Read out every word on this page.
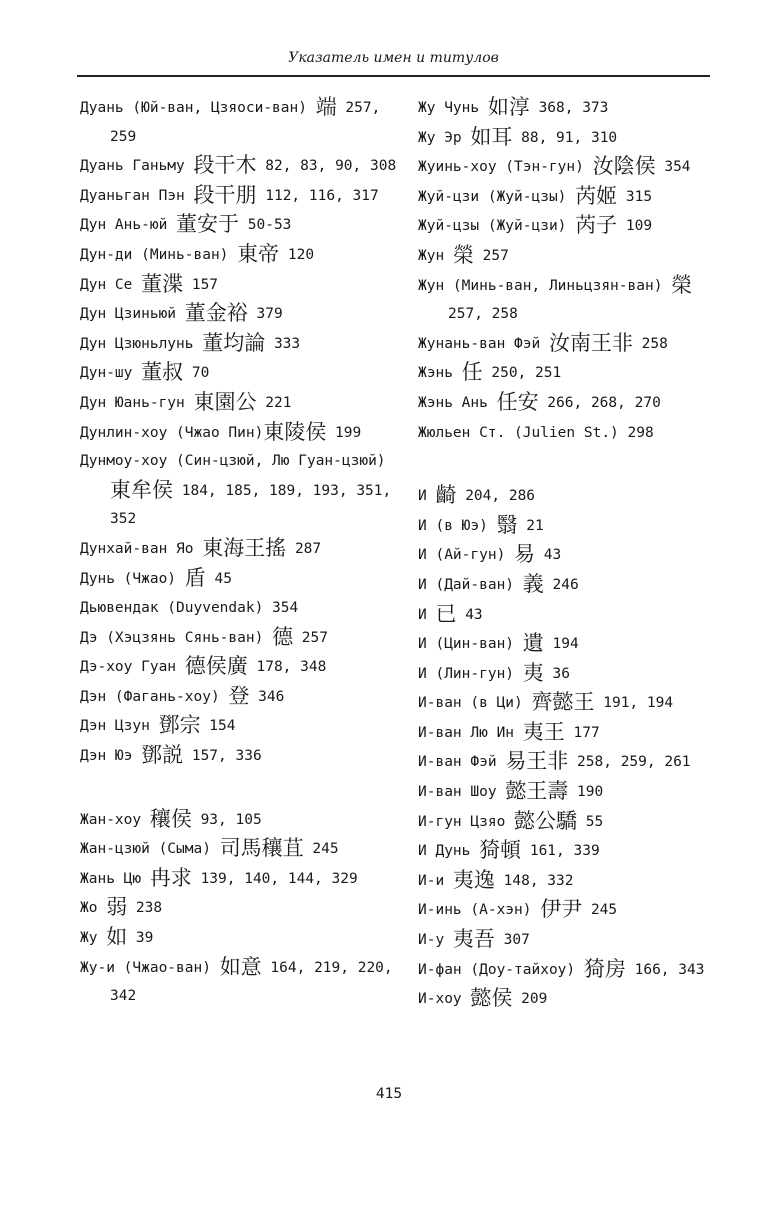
Указатель имен и титулов

Дуань (Юй-ван, Цзяоси-ван) 端 257, 259

Дуань Ганьму 段干木 82, 83, 90, 308

Дуаньган Пэн 段干朋 112, 116, 317

Дун Ань-юй 董安于 50-53

Дун-ди (Минь-ван) 東帝 120

Дун Се 董渫 157

Дун Цзиньюй 董金裕 379

Дун Цзюньлунь 董均論 333

Дун-шу 董叔 70

Дун Юань-гун 東園公 221

Дунлин-хоу (Чжао Пин)東陵侯 199

Дунмоу-хоу (Син-цзюй, Лю Гуан-цзюй) 東牟侯 184, 185, 189, 193, 351, 352

Дунхай-ван Яо 東海王搖 287

Дунь (Чжао) 盾 45

Дьювендак (Duyvendak) 354

Дэ (Хэцзянь Сянь-ван) 德 257

Дэ-хоу Гуан 德侯廣 178, 348

Дэн (Фагань-хоу) 登 346

Дэн Цзун 鄧宗 154

Дэн Юэ 鄧説 157, 336

Жан-хоу 穰侯 93, 105

Жан-цзюй (Сыма) 司馬穰苴 245

Жань Цю 冉求 139, 140, 144, 329

Жо 弱 238

Жу 如 39

Жу-и (Чжао-ван) 如意 164, 219, 220, 342

Жу Чунь 如淳 368, 373

Жу Эр 如耳 88, 91, 310

Жуинь-хоу (Тэн-гун) 汝陰侯 354

Жуй-цзи (Жуй-цзы) 芮姬 315

Жуй-цзы (Жуй-цзи) 芮子 109

Жун 榮 257

Жун (Минь-ван, Линьцзян-ван) 榮 257, 258

Жунань-ван Фэй 汝南王非 258

Жэнь 任 250, 251

Жэнь Ань 任安 266, 268, 270

Жюльен Ст. (Julien St.) 298

И 齮 204, 286

И (в Юэ) 翳 21

И (Ай-гун) 易 43

И (Дай-ван) 義 246

И 已 43

И (Цин-ван) 遺 194

И (Лин-гун) 夷 36

И-ван (в Ци) 齊懿王 191, 194

И-ван Лю Ин 夷王 177

И-ван Фэй 易王非 258, 259, 261

И-ван Шоу 懿王壽 190

И-гун Цзяо 懿公驕 55

И Дунь 猗頓 161, 339

И-и 夷逸 148, 332

И-инь (А-хэн) 伊尹 245

И-у 夷吾 307

И-фан (Доу-тайхоу) 猗房 166, 343

И-хоу 懿侯 209

415
